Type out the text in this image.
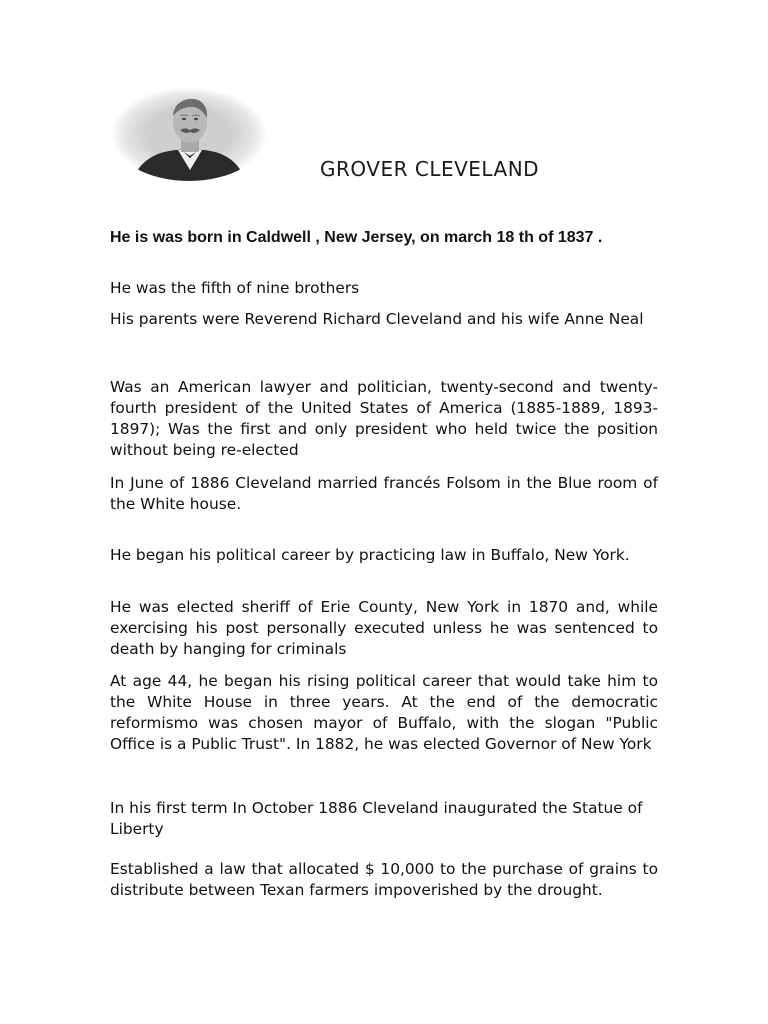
GROVER CLEVELAND
He is was born in Caldwell , New Jersey, on march 18 th of 1837 .
He was the fifth of nine brothers
His parents were Reverend Richard Cleveland and his wife Anne Neal
Was an American lawyer and politician, twenty-second and twenty-fourth president of the United States of America (1885-1889, 1893-1897); Was the first and only president who held twice the position without being re-elected
In June of 1886 Cleveland married francés Folsom in the Blue room of the White house.
He began his political career by practicing law in Buffalo, New York.
He was elected sheriff of Erie County, New York in 1870 and, while exercising his post personally executed unless he was sentenced to death by hanging for criminals
At age 44, he began his rising political career that would take him to the White House in three years. At the end of the democratic reformismo was chosen mayor of Buffalo, with the slogan "Public Office is a Public Trust". In 1882, he was elected Governor of New York
In his first term In October 1886 Cleveland inaugurated the Statue of Liberty
Established a law that allocated $ 10,000 to the purchase of grains to distribute between Texan farmers impoverished by the drought.
